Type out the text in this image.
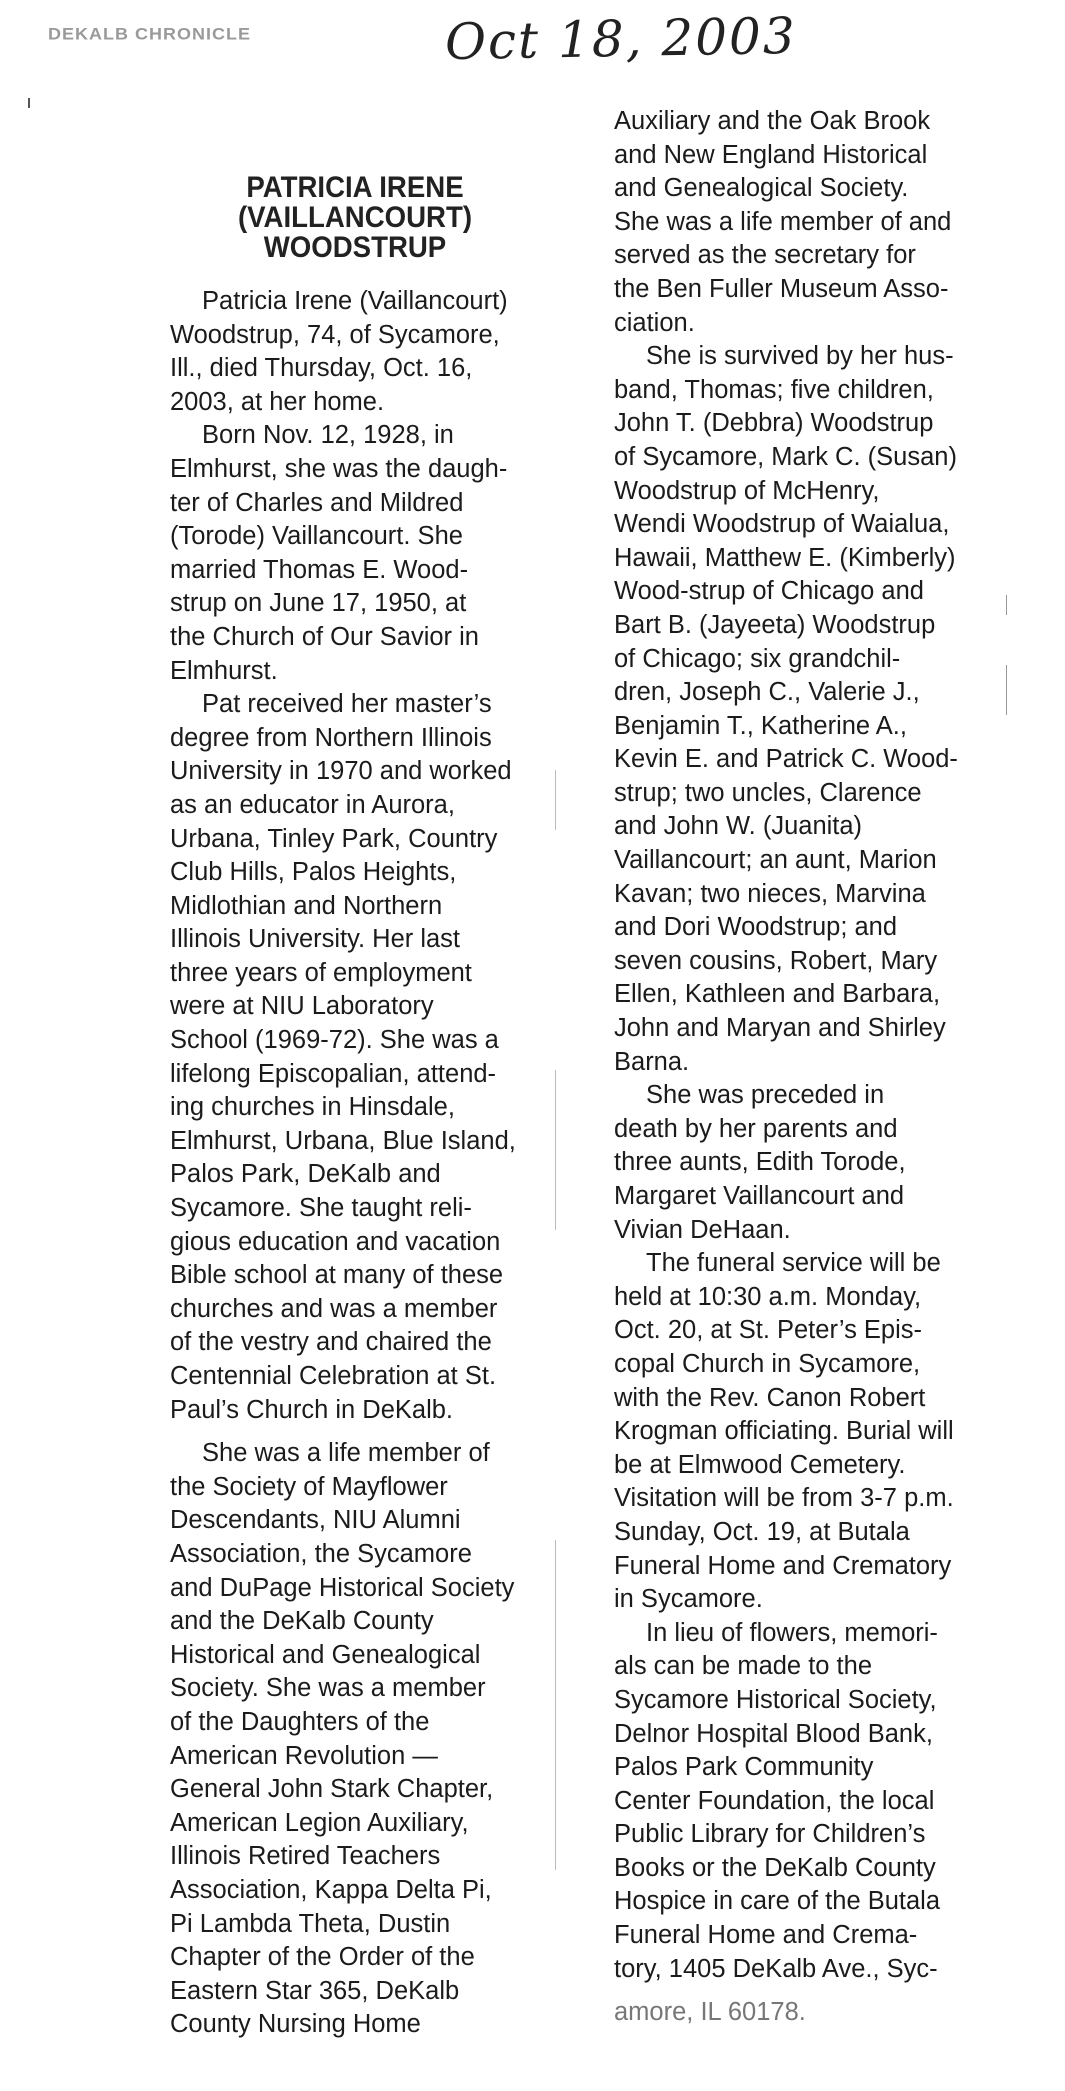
DEKALB CHRONICLE	Oct 18, 2003
PATRICIA IRENE
(VAILLANCOURT)
WOODSTRUP
Patricia Irene (Vaillancourt)
Woodstrup, 74, of Sycamore,
Ill., died Thursday, Oct. 16,
2003, at her home.
Born Nov. 12, 1928, in
Elmhurst, she was the daugh-
ter of Charles and Mildred
(Torode) Vaillancourt. She
married Thomas E. Wood-
strup on June 17, 1950, at
the Church of Our Savior in
Elmhurst.
Pat received her master’s
degree from Northern Illinois
University in 1970 and worked
as an educator in Aurora,
Urbana, Tinley Park, Country
Club Hills, Palos Heights,
Midlothian and Northern
Illinois University. Her last
three years of employment
were at NIU Laboratory
School (1969-72). She was a
lifelong Episcopalian, attend-
ing churches in Hinsdale,
Elmhurst, Urbana, Blue Island,
Palos Park, DeKalb and
Sycamore. She taught reli-
gious education and vacation
Bible school at many of these
churches and was a member
of the vestry and chaired the
Centennial Celebration at St.
Paul’s Church in DeKalb.
She was a life member of
the Society of Mayflower
Descendants, NIU Alumni
Association, the Sycamore
and DuPage Historical Society
and the DeKalb County
Historical and Genealogical
Society. She was a member
of the Daughters of the
American Revolution —
General John Stark Chapter,
American Legion Auxiliary,
Illinois Retired Teachers
Association, Kappa Delta Pi,
Pi Lambda Theta, Dustin
Chapter of the Order of the
Eastern Star 365, DeKalb
County Nursing Home
Auxiliary and the Oak Brook
and New England Historical
and Genealogical Society.
She was a life member of and
served as the secretary for
the Ben Fuller Museum Asso-
ciation.
She is survived by her hus-
band, Thomas; five children,
John T. (Debbra) Woodstrup
of Sycamore, Mark C. (Susan)
Woodstrup of McHenry,
Wendi Woodstrup of Waialua,
Hawaii, Matthew E. (Kimberly)
Wood-strup of Chicago and
Bart B. (Jayeeta) Woodstrup
of Chicago; six grandchil-
dren, Joseph C., Valerie J.,
Benjamin T., Katherine A.,
Kevin E. and Patrick C. Wood-
strup; two uncles, Clarence
and John W. (Juanita)
Vaillancourt; an aunt, Marion
Kavan; two nieces, Marvina
and Dori Woodstrup; and
seven cousins, Robert, Mary
Ellen, Kathleen and Barbara,
John and Maryan and Shirley
Barna.
She was preceded in
death by her parents and
three aunts, Edith Torode,
Margaret Vaillancourt and
Vivian DeHaan.
The funeral service will be
held at 10:30 a.m. Monday,
Oct. 20, at St. Peter’s Epis-
copal Church in Sycamore,
with the Rev. Canon Robert
Krogman officiating. Burial will
be at Elmwood Cemetery.
Visitation will be from 3-7 p.m.
Sunday, Oct. 19, at Butala
Funeral Home and Crematory
in Sycamore.
In lieu of flowers, memori-
als can be made to the
Sycamore Historical Society,
Delnor Hospital Blood Bank,
Palos Park Community
Center Foundation, the local
Public Library for Children’s
Books or the DeKalb County
Hospice in care of the Butala
Funeral Home and Crema-
tory, 1405 DeKalb Ave., Syc-
amore, IL 60178.
